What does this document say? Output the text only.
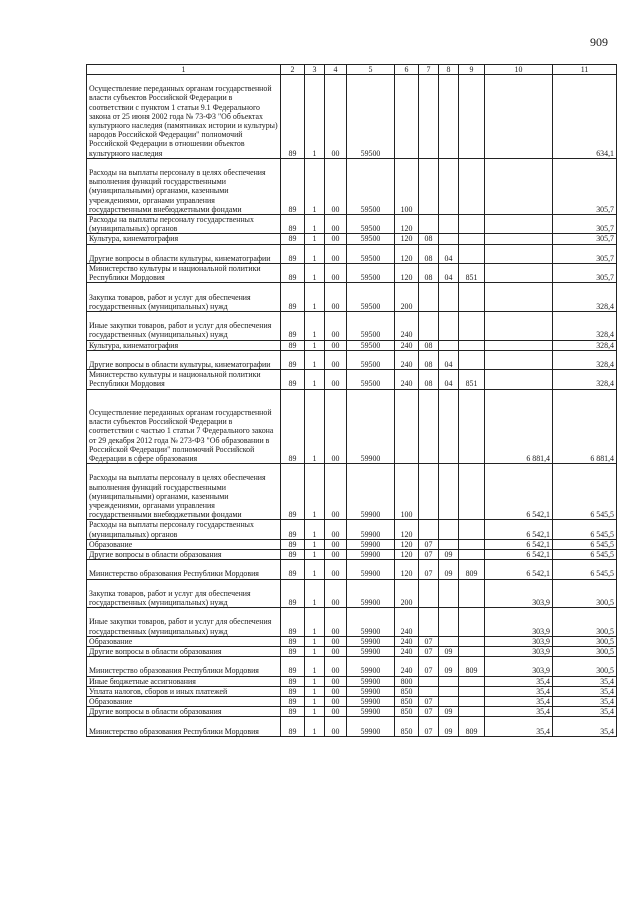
909
1	2	3	4	5	6	7	8	9	10	11
Осуществление переданных органам государственной власти субъектов Российской Федерации в соответствии с пунктом 1 статьи 9.1 Федерального закона от 25 июня 2002 года № 73-ФЗ "Об объектах культурного наследия (памятниках истории и культуры) народов Российской Федерации" полномочий Российской Федерации в отношении объектов культурного наследия	89	1	00	59500						634,1
Расходы на выплаты персоналу в целях обеспечения выполнения функций государственными (муниципальными) органами, казенными учреждениями, органами управления государственными внебюджетными фондами	89	1	00	59500	100					305,7
Расходы на выплаты персоналу государственных (муниципальных) органов	89	1	00	59500	120					305,7
Культура, кинематография	89	1	00	59500	120	08				305,7
Другие вопросы в области культуры, кинематографии	89	1	00	59500	120	08	04			305,7
Министерство культуры и национальной политики Республики Мордовия	89	1	00	59500	120	08	04	851		305,7
Закупка товаров, работ и услуг для обеспечения государственных (муниципальных) нужд	89	1	00	59500	200					328,4
Иные закупки товаров, работ и услуг для обеспечения государственных (муниципальных) нужд	89	1	00	59500	240					328,4
Культура, кинематография	89	1	00	59500	240	08				328,4
Другие вопросы в области культуры, кинематографии	89	1	00	59500	240	08	04			328,4
Министерство культуры и национальной политики Республики Мордовия	89	1	00	59500	240	08	04	851		328,4
Осуществление переданных органам государственной власти субъектов Российской Федерации в соответствии с частью 1 статьи 7 Федерального закона от 29 декабря 2012 года № 273-ФЗ "Об образовании в Российской Федерации" полномочий Российской Федерации в сфере образования	89	1	00	59900					6 881,4	6 881,4
Расходы на выплаты персоналу в целях обеспечения выполнения функций государственными (муниципальными) органами, казенными учреждениями, органами управления государственными внебюджетными фондами	89	1	00	59900	100				6 542,1	6 545,5
Расходы на выплаты персоналу государственных (муниципальных) органов	89	1	00	59900	120				6 542,1	6 545,5
Образование	89	1	00	59900	120	07			6 542,1	6 545,5
Другие вопросы в области образования	89	1	00	59900	120	07	09		6 542,1	6 545,5
Министерство образования Республики Мордовия	89	1	00	59900	120	07	09	809	6 542,1	6 545,5
Закупка товаров, работ и услуг для обеспечения государственных (муниципальных) нужд	89	1	00	59900	200				303,9	300,5
Иные закупки товаров, работ и услуг для обеспечения государственных (муниципальных) нужд	89	1	00	59900	240				303,9	300,5
Образование	89	1	00	59900	240	07			303,9	300,5
Другие вопросы в области образования	89	1	00	59900	240	07	09		303,9	300,5
Министерство образования Республики Мордовия	89	1	00	59900	240	07	09	809	303,9	300,5
Иные бюджетные ассигнования	89	1	00	59900	800				35,4	35,4
Уплата налогов, сборов и иных платежей	89	1	00	59900	850				35,4	35,4
Образование	89	1	00	59900	850	07			35,4	35,4
Другие вопросы в области образования	89	1	00	59900	850	07	09		35,4	35,4
Министерство образования Республики Мордовия	89	1	00	59900	850	07	09	809	35,4	35,4
